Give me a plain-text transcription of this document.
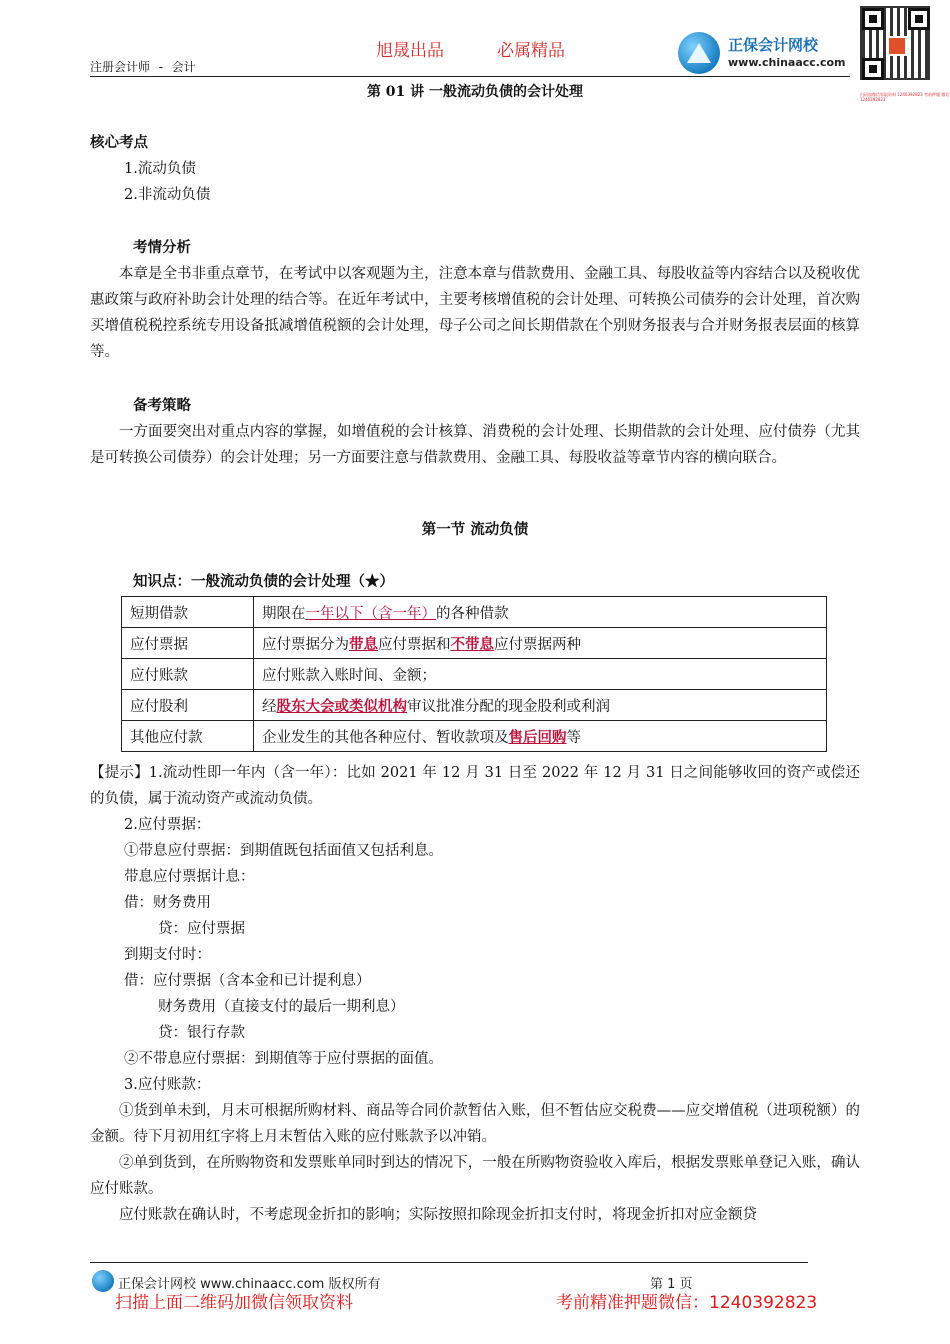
旭晟出品	必属精品
注册会计师 - 会计
正保会计网校
www.chinaacc.com
扫码加微信领取资料 1240392823 考前押题 微信 1240392823
第 01 讲 一般流动负债的会计处理
核心考点
1.流动负债
2.非流动负债
考情分析

本章是全书非重点章节，在考试中以客观题为主，注意本章与借款费用、金融工具、每股收益等内容结合以及税收优惠政策与政府补助会计处理的结合等。在近年考试中，主要考核增值税的会计处理、可转换公司债券的会计处理，首次购买增值税税控系统专用设备抵减增值税额的会计处理，母子公司之间长期借款在个别财务报表与合并财务报表层面的核算等。

备考策略

一方面要突出对重点内容的掌握，如增值税的会计核算、消费税的会计处理、长期借款的会计处理、应付债券（尤其是可转换公司债券）的会计处理；另一方面要注意与借款费用、金融工具、每股收益等章节内容的横向联合。

第一节 流动负债
知识点：一般流动负债的会计处理（★）
短期借款	期限在一年以下（含一年）的各种借款
应付票据	应付票据分为带息应付票据和不带息应付票据两种
应付账款	应付账款入账时间、金额；
应付股利	经股东大会或类似机构审议批准分配的现金股利或利润
其他应付款	企业发生的其他各种应付、暂收款项及售后回购等

【提示】1.流动性即一年内（含一年）：比如 2021 年 12 月 31 日至 2022 年 12 月 31 日之间能够收回的资产或偿还的负债，属于流动资产或流动负债。

2.应付票据：
①带息应付票据：到期值既包括面值又包括利息。
带息应付票据计息：
借：财务费用
贷：应付票据
到期支付时：
借：应付票据（含本金和已计提利息）
财务费用（直接支付的最后一期利息）
贷：银行存款
②不带息应付票据：到期值等于应付票据的面值。
3.应付账款：

①货到单未到，月末可根据所购材料、商品等合同价款暂估入账，但不暂估应交税费——应交增值税（进项税额）的金额。待下月初用红字将上月末暂估入账的应付账款予以冲销。

②单到货到，在所购物资和发票账单同时到达的情况下，一般在所购物资验收入库后，根据发票账单登记入账，确认应付账款。

应付账款在确认时，不考虑现金折扣的影响；实际按照扣除现金折扣支付时，将现金折扣对应金额贷

正保会计网校 www.chinaacc.com 版权所有	第 1 页
扫描上面二维码加微信领取资料	考前精准押题微信：1240392823
